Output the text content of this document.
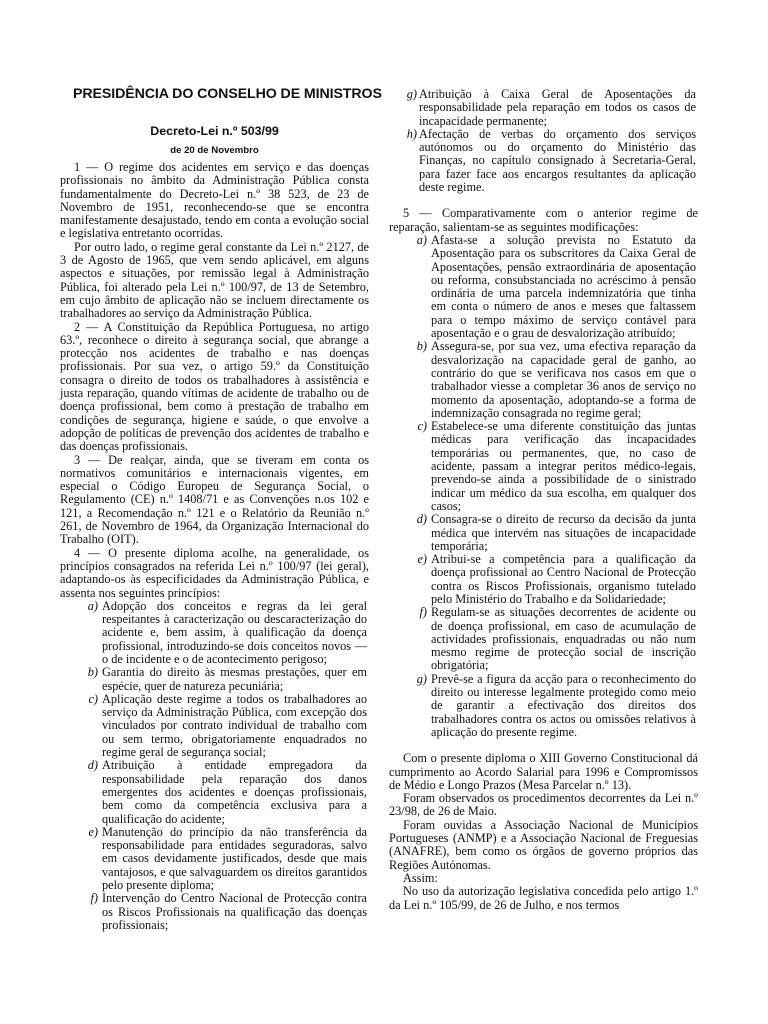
PRESIDÊNCIA DO CONSELHO DE MINISTROS
Decreto-Lei n.º 503/99
de 20 de Novembro

1 — O regime dos acidentes em serviço e das doenças profissionais no âmbito da Administração Pública consta fundamentalmente do Decreto-Lei n.º 38 523, de 23 de Novembro de 1951, reconhecendo-se que se encontra manifestamente desajustado, tendo em conta a evolução social e legislativa entretanto ocorridas.

Por outro lado, o regime geral constante da Lei n.º 2127, de 3 de Agosto de 1965, que vem sendo aplicável, em alguns aspectos e situações, por remissão legal à Administração Pública, foi alterado pela Lei n.º 100/97, de 13 de Setembro, em cujo âmbito de aplicação não se incluem directamente os trabalhadores ao serviço da Administração Pública.

2 — A Constituição da República Portuguesa, no artigo 63.º, reconhece o direito à segurança social, que abrange a protecção nos acidentes de trabalho e nas doenças profissionais. Por sua vez, o artigo 59.º da Constituição consagra o direito de todos os trabalhadores à assistência e justa reparação, quando vítimas de acidente de trabalho ou de doença profissional, bem como à prestação de trabalho em condições de segurança, higiene e saúde, o que envolve a adopção de políticas de prevenção dos acidentes de trabalho e das doenças profissionais.

3 — De realçar, ainda, que se tiveram em conta os normativos comunitários e internacionais vigentes, em especial o Código Europeu de Segurança Social, o Regulamento (CE) n.º 1408/71 e as Convenções n.os 102 e 121, a Recomendação n.º 121 e o Relatório da Reunião n.º 261, de Novembro de 1964, da Organização Internacional do Trabalho (OIT).

4 — O presente diploma acolhe, na generalidade, os princípios consagrados na referida Lei n.º 100/97 (lei geral), adaptando-os às especificidades da Administração Pública, e assenta nos seguintes princípios:

a) Adopção dos conceitos e regras da lei geral respeitantes à caracterização ou descaracterização do acidente e, bem assim, à qualificação da doença profissional, introduzindo-se dois conceitos novos — o de incidente e o de acontecimento perigoso;
b) Garantia do direito às mesmas prestações, quer em espécie, quer de natureza pecuniária;
c) Aplicação deste regime a todos os trabalhadores ao serviço da Administração Pública, com excepção dos vinculados por contrato individual de trabalho com ou sem termo, obrigatoriamente enquadrados no regime geral de segurança social;
d) Atribuição à entidade empregadora da responsabilidade pela reparação dos danos emergentes dos acidentes e doenças profissionais, bem como da competência exclusiva para a qualificação do acidente;
e) Manutenção do princípio da não transferência da responsabilidade para entidades seguradoras, salvo em casos devidamente justificados, desde que mais vantajosos, e que salvaguardem os direitos garantidos pelo presente diploma;
f) Intervenção do Centro Nacional de Protecção contra os Riscos Profissionais na qualificação das doenças profissionais;
g) Atribuição à Caixa Geral de Aposentações da responsabilidade pela reparação em todos os casos de incapacidade permanente;
h) Afectação de verbas do orçamento dos serviços autónomos ou do orçamento do Ministério das Finanças, no capítulo consignado à Secretaria-Geral, para fazer face aos encargos resultantes da aplicação deste regime.

5 — Comparativamente com o anterior regime de reparação, salientam-se as seguintes modificações:

a) Afasta-se a solução prevista no Estatuto da Aposentação para os subscritores da Caixa Geral de Aposentações, pensão extraordinária de aposentação ou reforma, consubstanciada no acréscimo à pensão ordinária de uma parcela indemnizatória que tinha em conta o número de anos e meses que faltassem para o tempo máximo de serviço contável para aposentação e o grau de desvalorização atribuído;
b) Assegura-se, por sua vez, uma efectiva reparação da desvalorização na capacidade geral de ganho, ao contrário do que se verificava nos casos em que o trabalhador viesse a completar 36 anos de serviço no momento da aposentação, adoptando-se a forma de indemnização consagrada no regime geral;
c) Estabelece-se uma diferente constituição das juntas médicas para verificação das incapacidades temporárias ou permanentes, que, no caso de acidente, passam a integrar peritos médico-legais, prevendo-se ainda a possibilidade de o sinistrado indicar um médico da sua escolha, em qualquer dos casos;
d) Consagra-se o direito de recurso da decisão da junta médica que intervém nas situações de incapacidade temporária;
e) Atribui-se a competência para a qualificação da doença profissional ao Centro Nacional de Protecção contra os Riscos Profissionais, organismo tutelado pelo Ministério do Trabalho e da Solidariedade;
f) Regulam-se as situações decorrentes de acidente ou de doença profissional, em caso de acumulação de actividades profissionais, enquadradas ou não num mesmo regime de protecção social de inscrição obrigatória;
g) Prevê-se a figura da acção para o reconhecimento do direito ou interesse legalmente protegido como meio de garantir a efectivação dos direitos dos trabalhadores contra os actos ou omissões relativos à aplicação do presente regime.

Com o presente diploma o XIII Governo Constitucional dá cumprimento ao Acordo Salarial para 1996 e Compromissos de Médio e Longo Prazos (Mesa Parcelar n.º 13).

Foram observados os procedimentos decorrentes da Lei n.º 23/98, de 26 de Maio.

Foram ouvidas a Associação Nacional de Municípios Portugueses (ANMP) e a Associação Nacional de Freguesias (ANAFRE), bem como os órgãos de governo próprios das Regiões Autónomas.

Assim:

No uso da autorização legislativa concedida pelo artigo 1.º da Lei n.º 105/99, de 26 de Julho, e nos termos
